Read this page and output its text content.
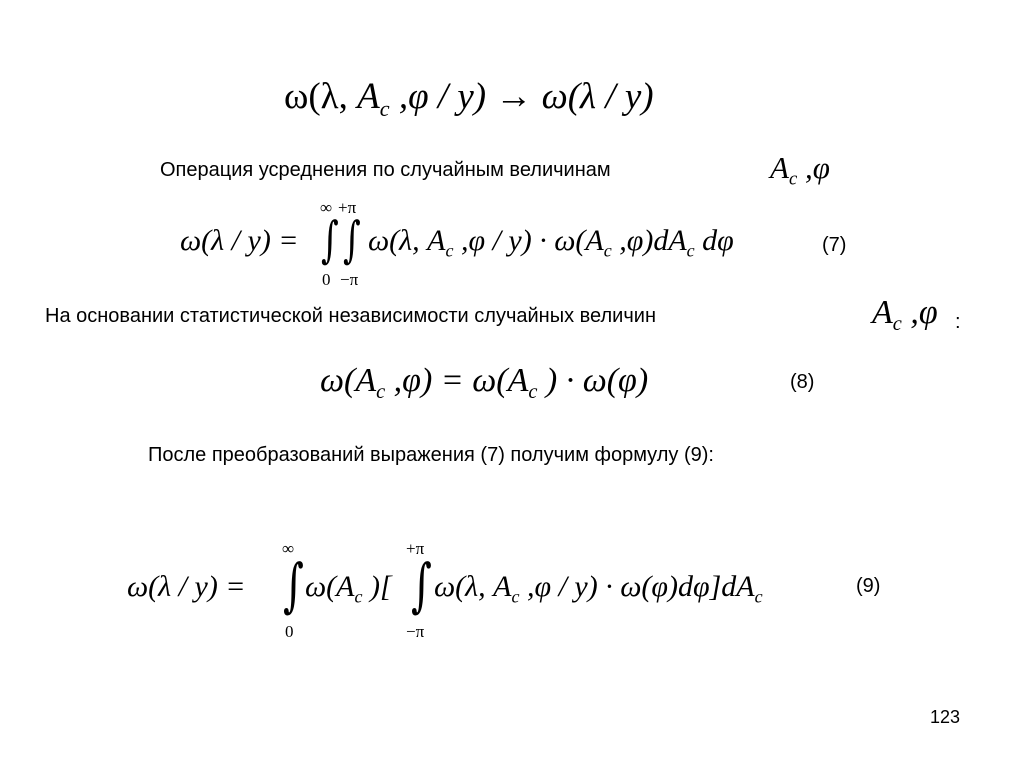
ω(λ, $A_c$ ,φ / y) → ω(λ / y)
Операция усреднения по случайным величинам	$A_c$ ,φ
ω(λ / y) =
∞ +π
∫ ∫
0 −π
ω(λ, $A_c$ $,\varphi / y) \cdot \omega(A_c$ $,\varphi)dA_c$ dφ	(7)
На основании статистической независимости случайных величин	$A_c$ ,φ :
$\omega(A_c$ $,\varphi) = \omega(A_c$ ) · ω(φ)	(8)
После преобразований выражения (7) получим формулу (9):
ω(λ / y) =
∞
∫
0
$\omega(A_c$ )[
+π
∫
−π
ω(λ, $A_c$ $,\varphi / y) \cdot \omega(\varphi)d\varphi]dA_c$	(9)
123
